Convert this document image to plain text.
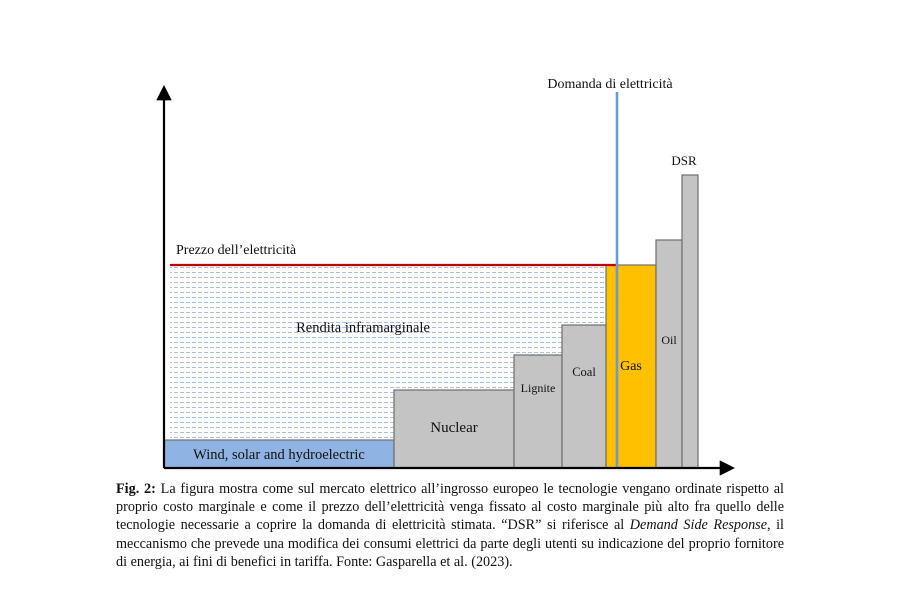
Wind, solar and hydroelectric
Nuclear
Lignite
Coal Gas
Oil
Prezzo dell’elettricità
Domanda di elettricità
Rendita inframarginale
DSR
Fig. 2: La figura mostra come sul mercato elettrico all’ingrosso europeo le tecnologie vengano ordinate rispetto al proprio costo marginale e come il prezzo dell’elettricità venga fissato al costo marginale più alto fra quello delle tecnologie necessarie a coprire la domanda di elettricità stimata. “DSR” si riferisce al Demand Side Response, il meccanismo che prevede una modifica dei consumi elettrici da parte degli utenti su indicazione del proprio fornitore di energia, ai fini di benefici in tariffa. Fonte: Gasparella et al. (2023).
